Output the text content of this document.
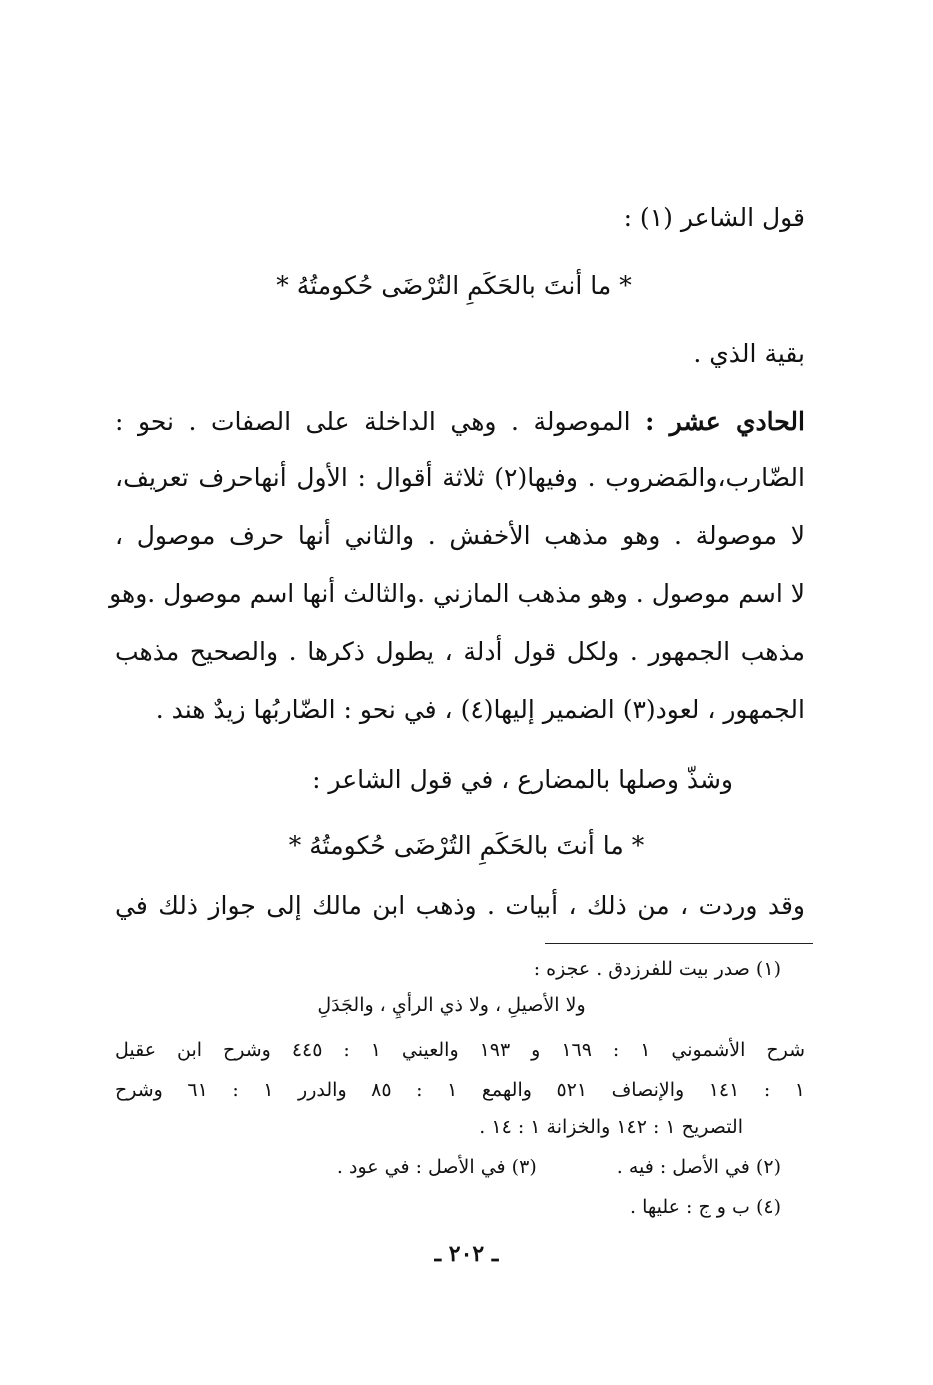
قول الشاعر (١) :
* ما أنتَ بالحَكَمِ التُرْضَى حُكومتُهُ *
بقية الذي .
الحادي عشر : الموصولة . وهي الداخلة على الصفات . نحو :
الضّارب،والمَضروب . وفيها(٢) ثلاثة أقوال : الأول أنهاحرف تعريف،
لا موصولة . وهو مذهب الأخفش . والثاني أنها حرف موصول ،
لا اسم موصول . وهو مذهب المازني .والثالث أنها اسم موصول .وهو
مذهب الجمهور . ولكل قول أدلة ، يطول ذكرها . والصحيح مذهب
الجمهور ، لعود(٣) الضمير إليها(٤) ، في نحو : الضّاربُها زيدٌ هند .
وشذّ وصلها بالمضارع ، في قول الشاعر :
* ما أنتَ بالحَكَمِ التُرْضَى حُكومتُهُ *
وقد وردت ، من ذلك ، أبيات . وذهب ابن مالك إلى جواز ذلك في
(١) صدر بيت للفرزدق . عجزه :
ولا الأصيلِ ، ولا ذي الرأيِ ، والجَدَلِ
شرح الأشموني ١ : ١٦٩ و ١٩٣ والعيني ١ : ٤٤٥ وشرح ابن عقيل
١ : ١٤١ والإنصاف ٥٢١ والهمع ١ : ٨٥ والدرر ١ : ٦١ وشرح
التصريح ١ : ١٤٢ والخزانة ١ : ١٤ .
(٢) في الأصل : فيه .(٣) في الأصل : في عود .
(٤) ب و ج : عليها .
ـ ٢٠٢ ـ
